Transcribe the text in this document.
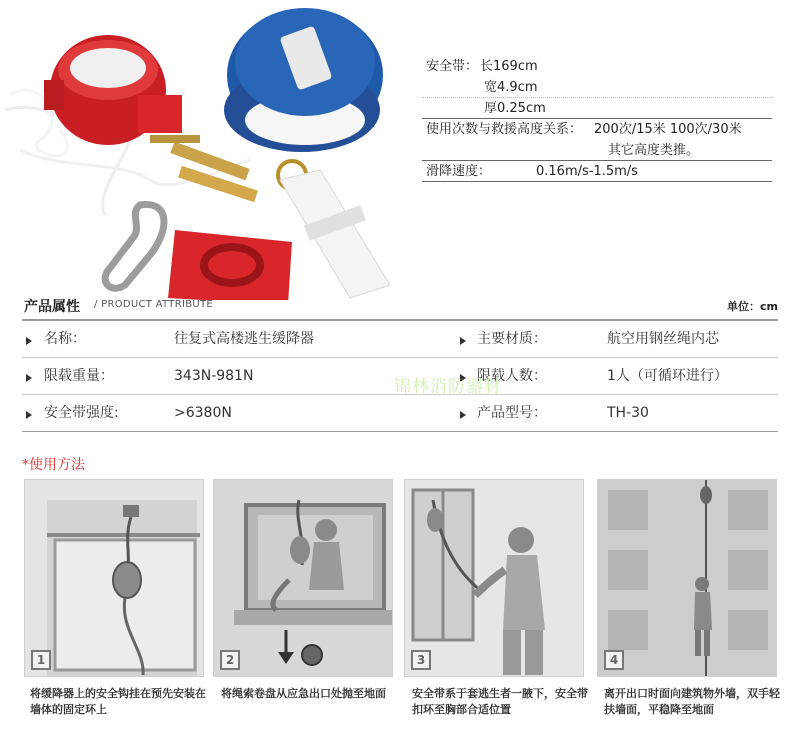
安全带： 长169cm
宽4.9cm
厚0.25cm
使用次数与救援高度关系： 200次/15米 100次/30米
其它高度类推。
滑降速度：	0.16m/s-1.5m/s
产品属性 / PRODUCT ATTRIBUTE	单位：cm
名称：	往复式高楼逃生缓降器	主要材质：	航空用钢丝绳内芯
限载重量：	343N-981N	限载人数：	1人（可循环进行）
安全带强度:	>6380N	产品型号：	TH-30
锦林消防器材
*使用方法
1
将缓降器上的安全钩挂在预先安装在墙体的固定环上
2
将绳索卷盘从应急出口处抛至地面
3
安全带系于套逃生者一腋下，安全带扣环至胸部合适位置
4
离开出口时面向建筑物外墙，双手轻扶墙面，平稳降至地面
